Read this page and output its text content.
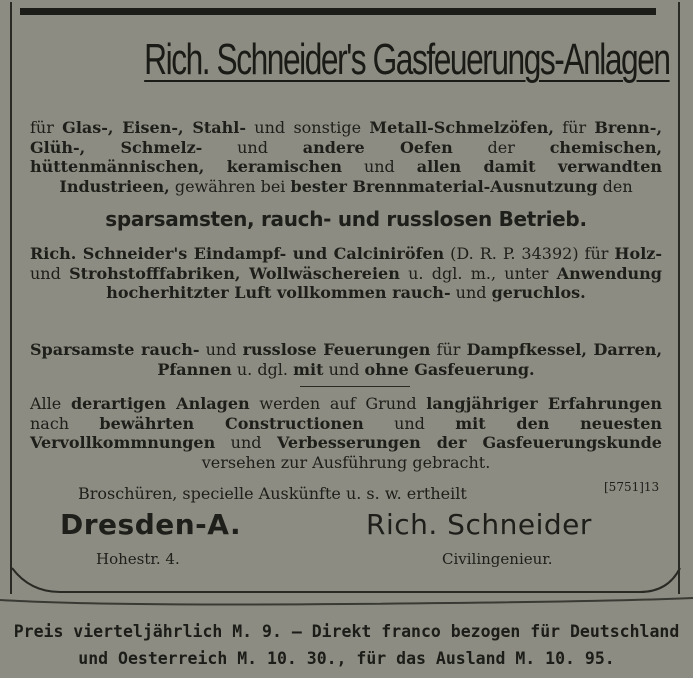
Rich. Schneider's Gasfeuerungs-Anlagen
für Glas-, Eisen-, Stahl- und sonstige Metall-Schmelzöfen, für Brenn-, Glüh-, Schmelz- und andere Oefen der chemischen, hüttenmännischen, keramischen und allen damit verwandten Industrieen, gewähren bei bester Brennmaterial-Ausnutzung den
sparsamsten, rauch- und russlosen Betrieb.
Rich. Schneider's Eindampf- und Calciniröfen (D. R. P. 34392) für Holz- und Strohstofffabriken, Wollwäschereien u. dgl. m., unter Anwendung hocherhitzter Luft vollkommen rauch- und geruchlos.
Sparsamste rauch- und russlose Feuerungen für Dampfkessel, Darren, Pfannen u. dgl. mit und ohne Gasfeuerung.
Alle derartigen Anlagen werden auf Grund langjähriger Erfahrungen nach bewährten Constructionen und mit den neuesten Vervollkommnungen und Verbesserungen der Gasfeuerungskunde versehen zur Ausführung gebracht.
Broschüren, specielle Auskünfte u. s. w. ertheilt	[5751]13
Dresden-A.
Hohestr. 4.
Rich. Schneider
Civilingenieur.
Preis vierteljährlich M. 9. — Direkt franco bezogen für Deutschland
und Oesterreich M. 10. 30., für das Ausland M. 10. 95.
